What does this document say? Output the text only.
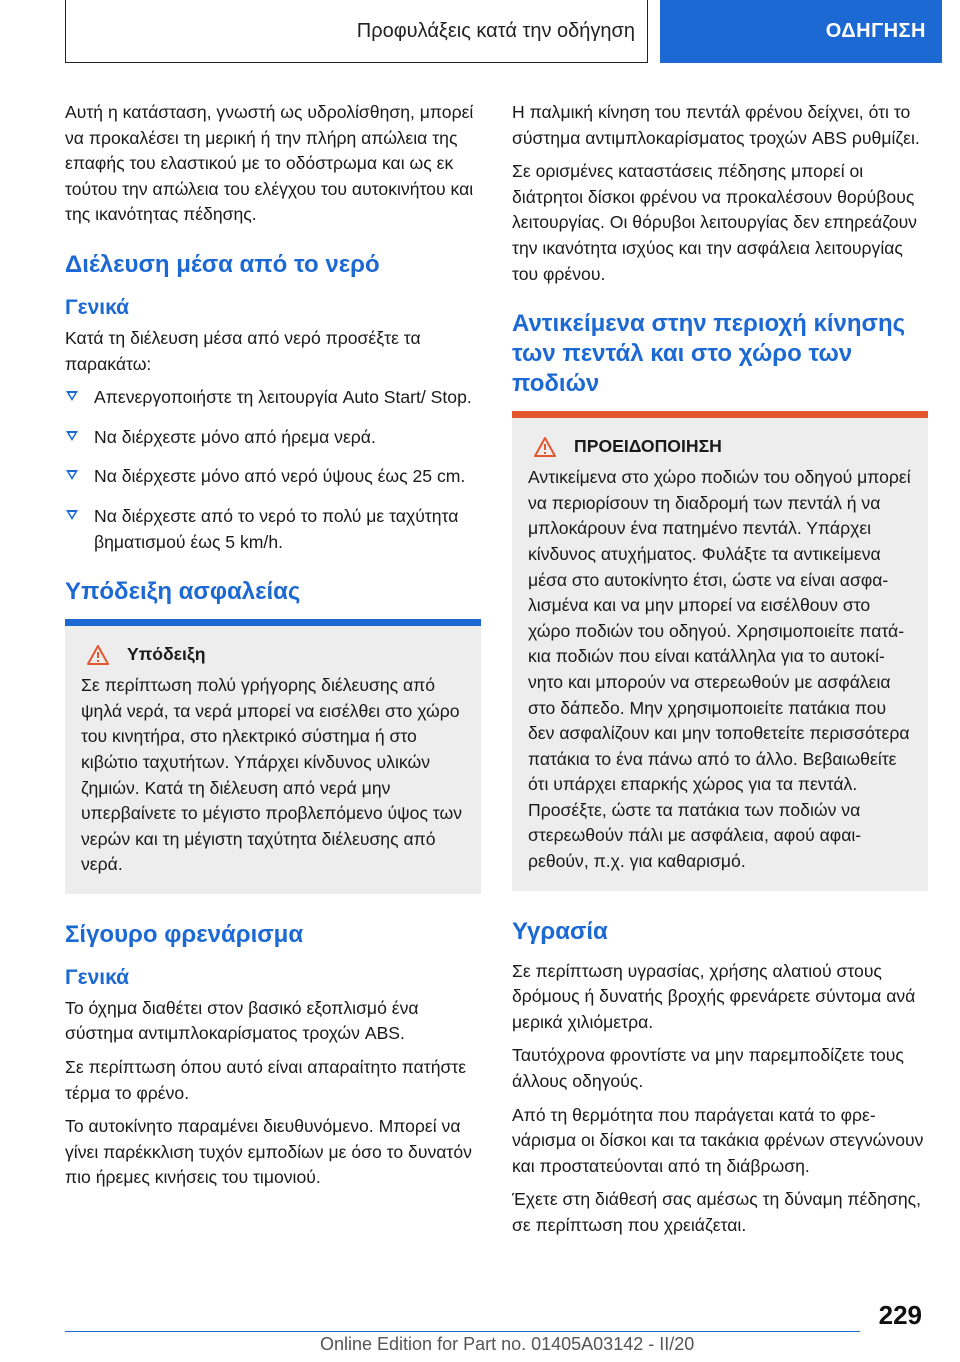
Προφυλάξεις κατά την οδήγηση	ΟΔΗΓΗΣΗ

Αυτή η κατάσταση, γνωστή ως υδρολίσθηση, μπορεί να προκαλέσει τη μερική ή την πλήρη απώλεια της επαφής του ελαστικού με το οδόστρωμα και ως εκ τούτου την απώλεια του ελέγχου του αυτοκινήτου και της ικανότητας πέδησης.

Διέλευση μέσα από το νερό
Γενικά

Κατά τη διέλευση μέσα από νερό προσέξτε τα παρακάτω:

Απενεργοποιήστε τη λειτουργία Auto Start/ Stop.
Να διέρχεστε μόνο από ήρεμα νερά.
Να διέρχεστε μόνο από νερό ύψους έως 25 cm.
Να διέρχεστε από το νερό το πολύ με ταχύτητα βηματισμού έως 5 km/h.
Υπόδειξη ασφαλείας
Υπόδειξη

Σε περίπτωση πολύ γρήγορης διέλευσης από ψηλά νερά, τα νερά μπορεί να εισέλθει στο χώρο του κινητήρα, στο ηλεκτρικό σύστημα ή στο κιβώτιο ταχυτήτων. Υπάρχει κίνδυνος υλικών ζημιών. Κατά τη διέλευση από νερά μην υπερβαίνετε το μέγιστο προβλεπόμενο ύψος των νερών και τη μέγιστη ταχύτητα διέλευσης από νερά.

Σίγουρο φρενάρισμα
Γενικά

Το όχημα διαθέτει στον βασικό εξοπλισμό ένα σύστημα αντιμπλοκαρίσματος τροχών ABS.

Σε περίπτωση όπου αυτό είναι απαραίτητο πατήστε τέρμα το φρένο.

Το αυτοκίνητο παραμένει διευθυνόμενο. Μπορεί να γίνει παρέκκλιση τυχόν εμποδίων με όσο το δυνατόν πιο ήρεμες κινήσεις του τιμονιού.

Η παλμική κίνηση του πεντάλ φρένου δείχνει, ότι το σύστημα αντιμπλοκαρίσματος τροχών ABS ρυθμίζει.

Σε ορισμένες καταστάσεις πέδησης μπορεί οι διάτρητοι δίσκοι φρένου να προκαλέσουν θορύβους λειτουργίας. Οι θόρυβοι λειτουργίας δεν επηρεάζουν την ικανότητα ισχύος και την ασφάλεια λειτουργίας του φρένου.

Αντικείμενα στην περιοχή κίνησης των πεντάλ και στο χώρο των ποδιών
ΠΡΟΕΙΔΟΠΟΙΗΣΗ

Αντικείμενα στο χώρο ποδιών του οδηγού μπορεί να περιορίσουν τη διαδρομή των πεντάλ ή να μπλοκάρουν ένα πατημένο πεντάλ. Υπάρχει κίνδυνος ατυχήματος. Φυλάξτε τα αντικείμενα μέσα στο αυτοκίνητο έτσι, ώστε να είναι ασφαλισμένα και να μην μπορεί να εισέλθουν στο χώρο ποδιών του οδηγού. Χρησιμοποιείτε πατάκια ποδιών που είναι κατάλληλα για το αυτοκίνητο και μπορούν να στερεωθούν με ασφάλεια στο δάπεδο. Μην χρησιμοποιείτε πατάκια που δεν ασφαλίζουν και μην τοποθετείτε περισσότερα πατάκια το ένα πάνω από το άλλο. Βεβαιωθείτε ότι υπάρχει επαρκής χώρος για τα πεντάλ. Προσέξτε, ώστε τα πατάκια των ποδιών να στερεωθούν πάλι με ασφάλεια, αφού αφαιρεθούν, π.χ. για καθαρισμό.

Υγρασία

Σε περίπτωση υγρασίας, χρήσης αλατιού στους δρόμους ή δυνατής βροχής φρενάρετε σύντομα ανά μερικά χιλιόμετρα.

Ταυτόχρονα φροντίστε να μην παρεμποδίζετε τους άλλους οδηγούς.

Από τη θερμότητα που παράγεται κατά το φρενάρισμα οι δίσκοι και τα τακάκια φρένων στεγνώνουν και προστατεύονται από τη διάβρωση.

Έχετε στη διάθεσή σας αμέσως τη δύναμη πέδησης, σε περίπτωση που χρειάζεται.

229
Online Edition for Part no. 01405A03142 - II/20
